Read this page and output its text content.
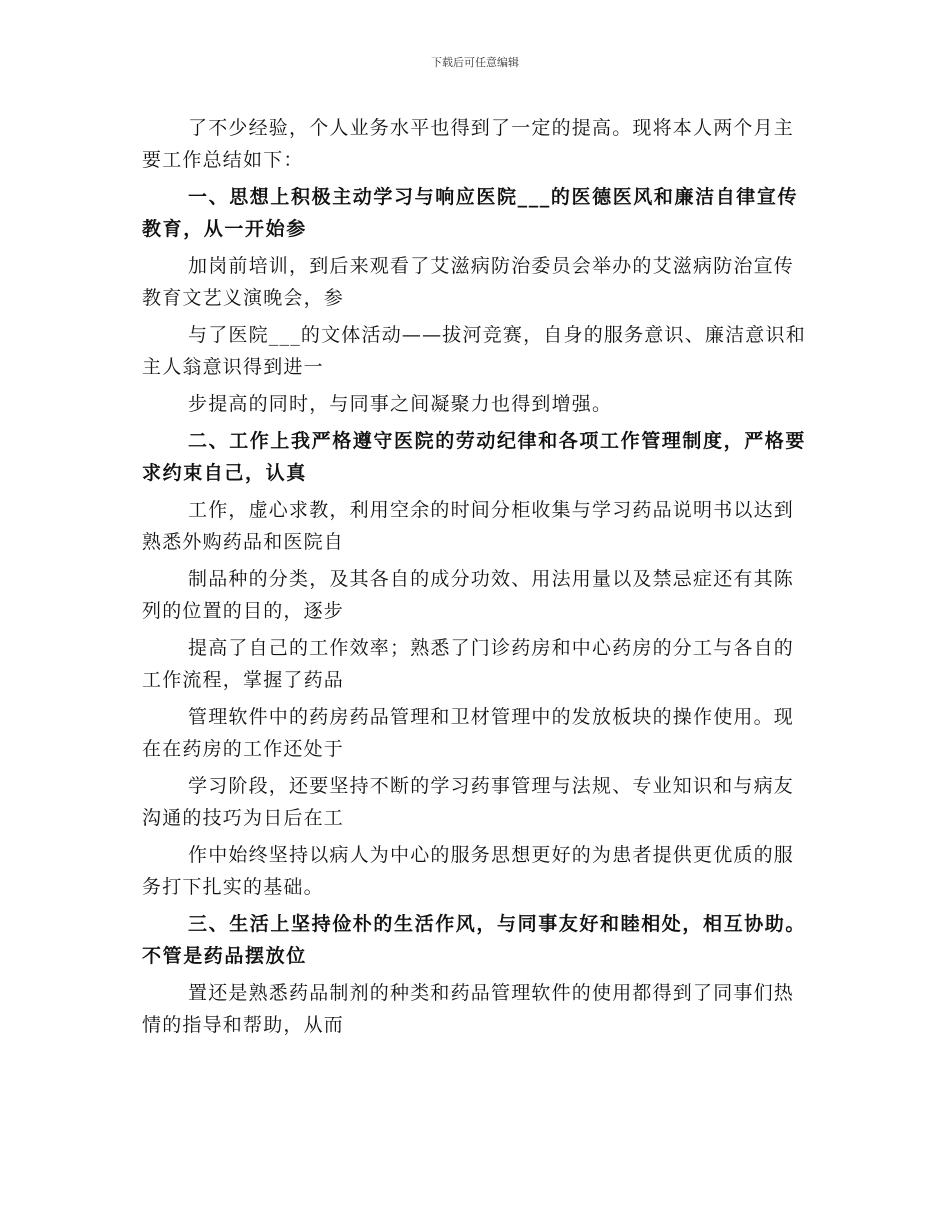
下载后可任意编辑

了不少经验，个人业务水平也得到了一定的提高。现将本人两个月主要工作总结如下：

一、思想上积极主动学习与响应医院___的医德医风和廉洁自律宣传教育，从一开始参

加岗前培训，到后来观看了艾滋病防治委员会举办的艾滋病防治宣传教育文艺义演晚会，参

与了医院___的文体活动——拔河竞赛，自身的服务意识、廉洁意识和主人翁意识得到进一

步提高的同时，与同事之间凝聚力也得到增强。

二、工作上我严格遵守医院的劳动纪律和各项工作管理制度，严格要求约束自己，认真

工作，虚心求教，利用空余的时间分柜收集与学习药品说明书以达到熟悉外购药品和医院自

制品种的分类，及其各自的成分功效、用法用量以及禁忌症还有其陈列的位置的目的，逐步

提高了自己的工作效率；熟悉了门诊药房和中心药房的分工与各自的工作流程，掌握了药品

管理软件中的药房药品管理和卫材管理中的发放板块的操作使用。现在在药房的工作还处于

学习阶段，还要坚持不断的学习药事管理与法规、专业知识和与病友沟通的技巧为日后在工

作中始终坚持以病人为中心的服务思想更好的为患者提供更优质的服务打下扎实的基础。

三、生活上坚持俭朴的生活作风，与同事友好和睦相处，相互协助。不管是药品摆放位

置还是熟悉药品制剂的种类和药品管理软件的使用都得到了同事们热情的指导和帮助，从而
